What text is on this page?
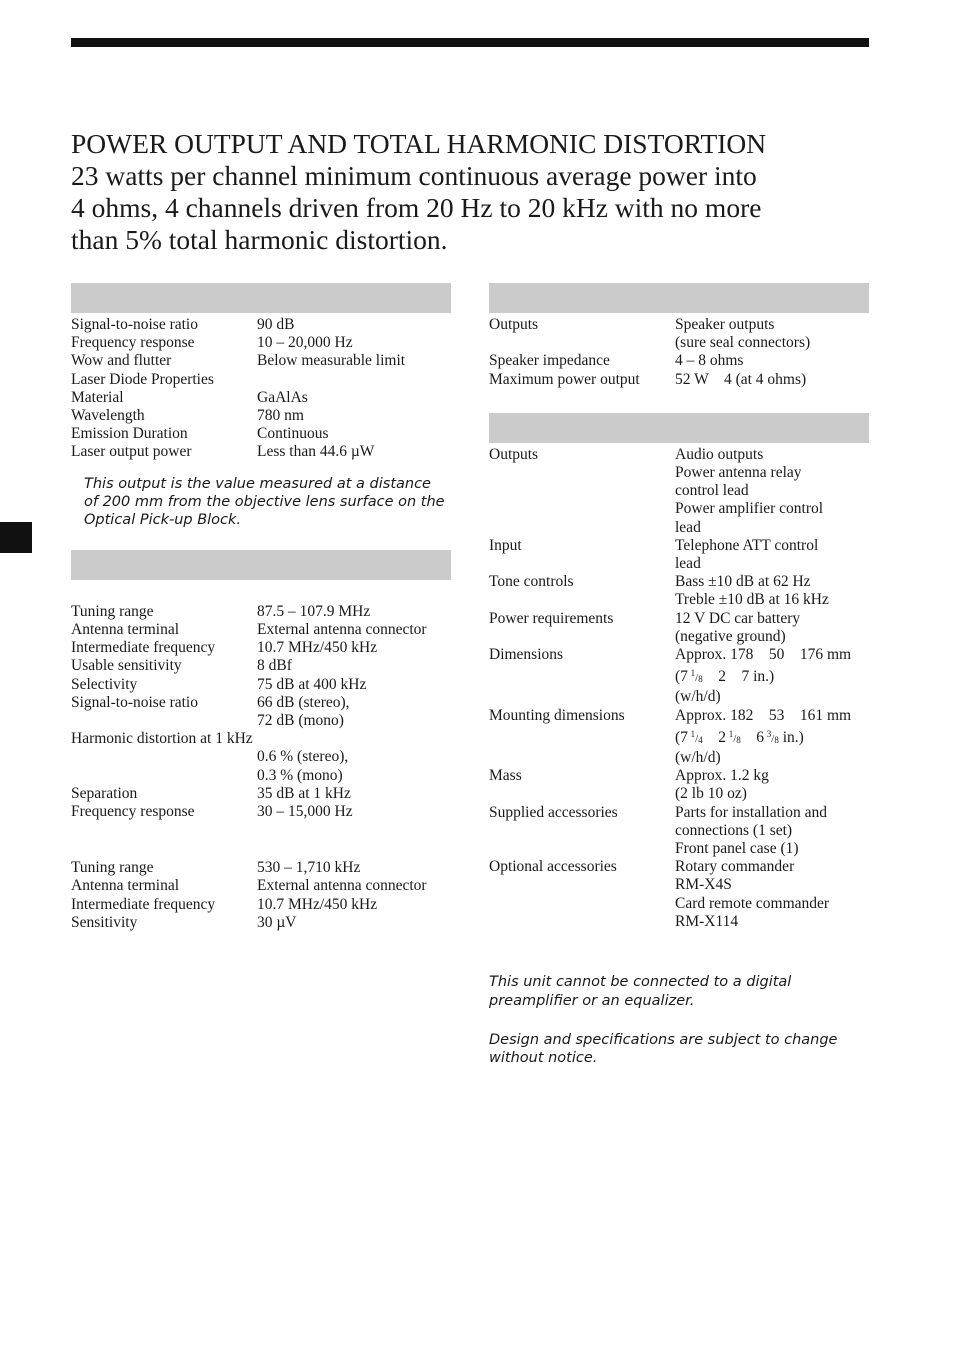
POWER OUTPUT AND TOTAL HARMONIC DISTORTION
23 watts per channel minimum continuous average power into
4 ohms, 4 channels driven from 20 Hz to 20 kHz with no more
than 5% total harmonic distortion.
Signal-to-noise ratio	90 dB
Frequency response	10 – 20,000 Hz
Wow and flutter	Below measurable limit
Laser Diode Properties
Material	GaAlAs
Wavelength	780 nm
Emission Duration	Continuous
Laser output power	Less than 44.6 µW
This output is the value measured at a distance
of 200 mm from the objective lens surface on the
Optical Pick-up Block.
Tuning range	87.5 – 107.9 MHz
Antenna terminal	External antenna connector
Intermediate frequency	10.7 MHz/450 kHz
Usable sensitivity	8 dBf
Selectivity	75 dB at 400 kHz
Signal-to-noise ratio	66 dB (stereo),
72 dB (mono)
Harmonic distortion at 1 kHz
0.6 % (stereo),
0.3 % (mono)
Separation	35 dB at 1 kHz
Frequency response	30 – 15,000 Hz
Tuning range	530 – 1,710 kHz
Antenna terminal	External antenna connector
Intermediate frequency	10.7 MHz/450 kHz
Sensitivity	30 µV
Outputs	Speaker outputs
(sure seal connectors)
Speaker impedance	4 – 8 ohms
Maximum power output	52 W    4 (at 4 ohms)
Outputs	Audio outputs
Power antenna relay
control lead
Power amplifier control
lead
Input	Telephone ATT control
lead
Tone controls	Bass ±10 dB at 62 Hz
Treble ±10 dB at 16 kHz
Power requirements	12 V DC car battery
(negative ground)
Dimensions	Approx. 178    50    176 mm
(7 $^1$/8    2    7 in.)
(w/h/d)
Mounting dimensions	Approx. 182    53    161 mm
(7 $^1$/4 2 $^1$/8 6 $^3$/8 in.)
(w/h/d)
Mass	Approx. 1.2 kg
(2 lb 10 oz)
Supplied accessories	Parts for installation and
connections (1 set)
Front panel case (1)
Optional accessories	Rotary commander
RM-X4S
Card remote commander
RM-X114
This unit cannot be connected to a digital
preamplifier or an equalizer.
Design and specifications are subject to change
without notice.
